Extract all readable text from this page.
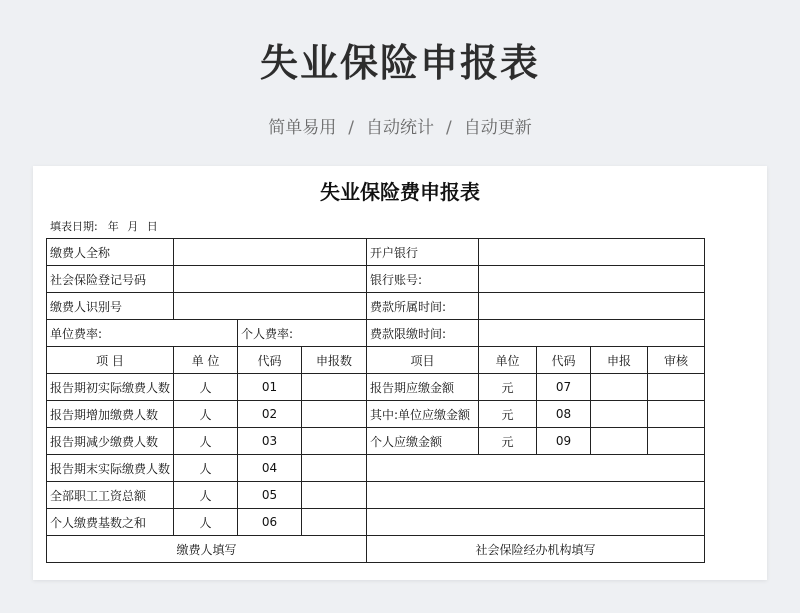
失业保险申报表
简单易用 / 自动统计 / 自动更新
失业保险费申报表
填表日期: 年 月 日
缴费人全称				开户银行				
社会保险登记号码				银行账号:				
缴费人识别号				费款所属时间:				
单位费率:		个人费率:		费款限缴时间:				
项 目	单 位	代码	申报数	项目	单位	代码	申报	审核
报告期初实际缴费人数	人	01		报告期应缴金额	元	07		
报告期增加缴费人数	人	02		其中:单位应缴金额	元	08		
报告期减少缴费人数	人	03		个人应缴金额	元	09		
报告期末实际缴费人数	人	04						
全部职工工资总额	人	05						
个人缴费基数之和	人	06						
缴费人填写				社会保险经办机构填写				
